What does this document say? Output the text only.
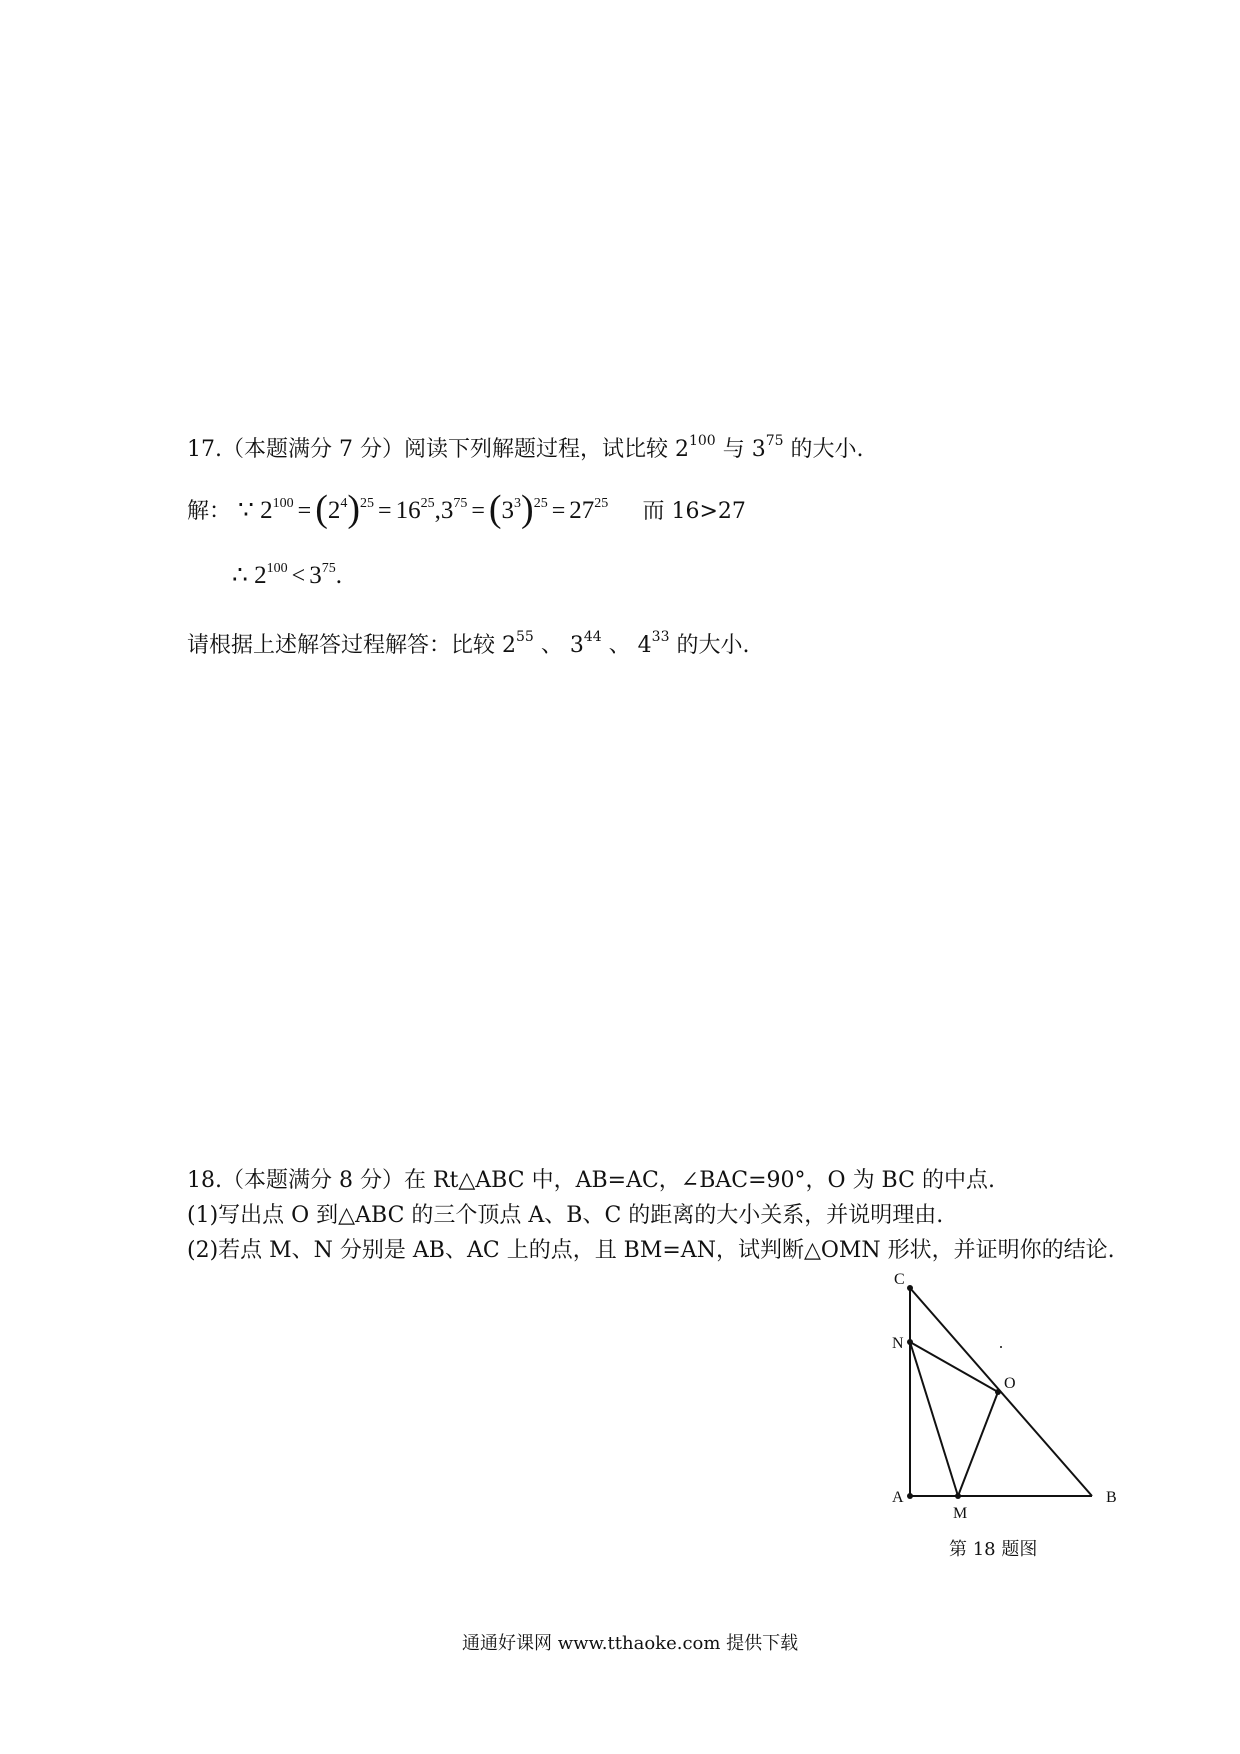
17.（本题满分 7 分）阅读下列解题过程，试比较 $2^{100}$ 与 $3^{75}$ 的大小.
解： ∵ $2^{100} = (2^4)^{25} = 16^{25},3^{75} = (3^3)^{25} = 27^{25}$ 而 16>27
∴ $2^{100} < 3^{75}$.
请根据上述解答过程解答：比较 $2^{55}$ 、 $3^{44}$ 、 $4^{33}$ 的大小.
18.（本题满分 8 分）在 Rt△ABC 中，AB=AC，∠BAC=90°，O 为 BC 的中点.
(1)写出点 O 到△ABC 的三个顶点 A、B、C 的距离的大小关系，并说明理由.
(2)若点 M、N 分别是 AB、AC 上的点，且 BM=AN，试判断△OMN 形状，并证明你的结论.
C
N
O
A
M
B
第 18 题图
通通好课网 www.tthaoke.com 提供下载
